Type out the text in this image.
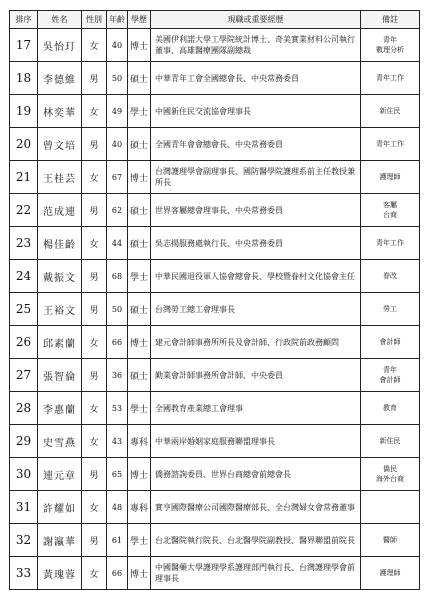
排序	姓名	性別	年齡	學歷	現職或重要經歷	備註
17	吳怡玎	女	40	博士	美國伊利諾大學工學院統計博士、奇美實業材料公司執行董事、高雄醫療團隊副總裁	青年
數理分析
18	李德維	男	50	碩士	中華青年工會全國總會長、中央常務委員	青年工作
19	林奕華	女	49	學士	中國新住民交流協會理事長	新住民
20	曾文培	男	40	碩士	全國青年會會總會長、中央常務委員	青年工作
21	王桂芸	女	67	博士	台灣護理學會副理事長、國防醫學院護理系前主任教授兼所長	護理師
22	范成連	男	62	碩士	世界客屬總會理事長、中央常務委員	客屬
台商
23	楊佳齡	女	44	碩士	吳志揚服務處執行長、中央常務委員	青年工作
24	戴振文	男	68	學士	中華民國退役軍人協會總會長、學校暨眷村文化協會主任	眷改
25	王裕文	男	50	碩士	台灣勞工總工會理事長	勞工
26	邱素蘭	女	66	博士	建元會計師事務所所長及會計師、行政院前政務顧問	會計師
27	張智倫	男	36	碩士	勤業會計師事務所會計師、中央委員	青年
會計師
28	李惠蘭	女	53	學士	全國教育產業總工會理事	教育
29	史雪燕	女	43	專科	中華兩岸婚姻家庭服務聯盟理事長	新住民
30	連元章	男	65	博士	僑務諮詢委員、世界台商總會前總會長	僑民
海外台商
31	許耀如	女	48	專科	實亨國際醫療公司國際醫療部長、全台灣婦女會常務董事	
32	謝瀛華	男	61	學士	台北醫院執行院長、台北醫學院副教授、醫界聯盟前院長	醫師
33	黃瑰蓉	女	66	博士	中國醫藥大學護理學系護理部門執行長、台灣護理學會前理事長	護理師
